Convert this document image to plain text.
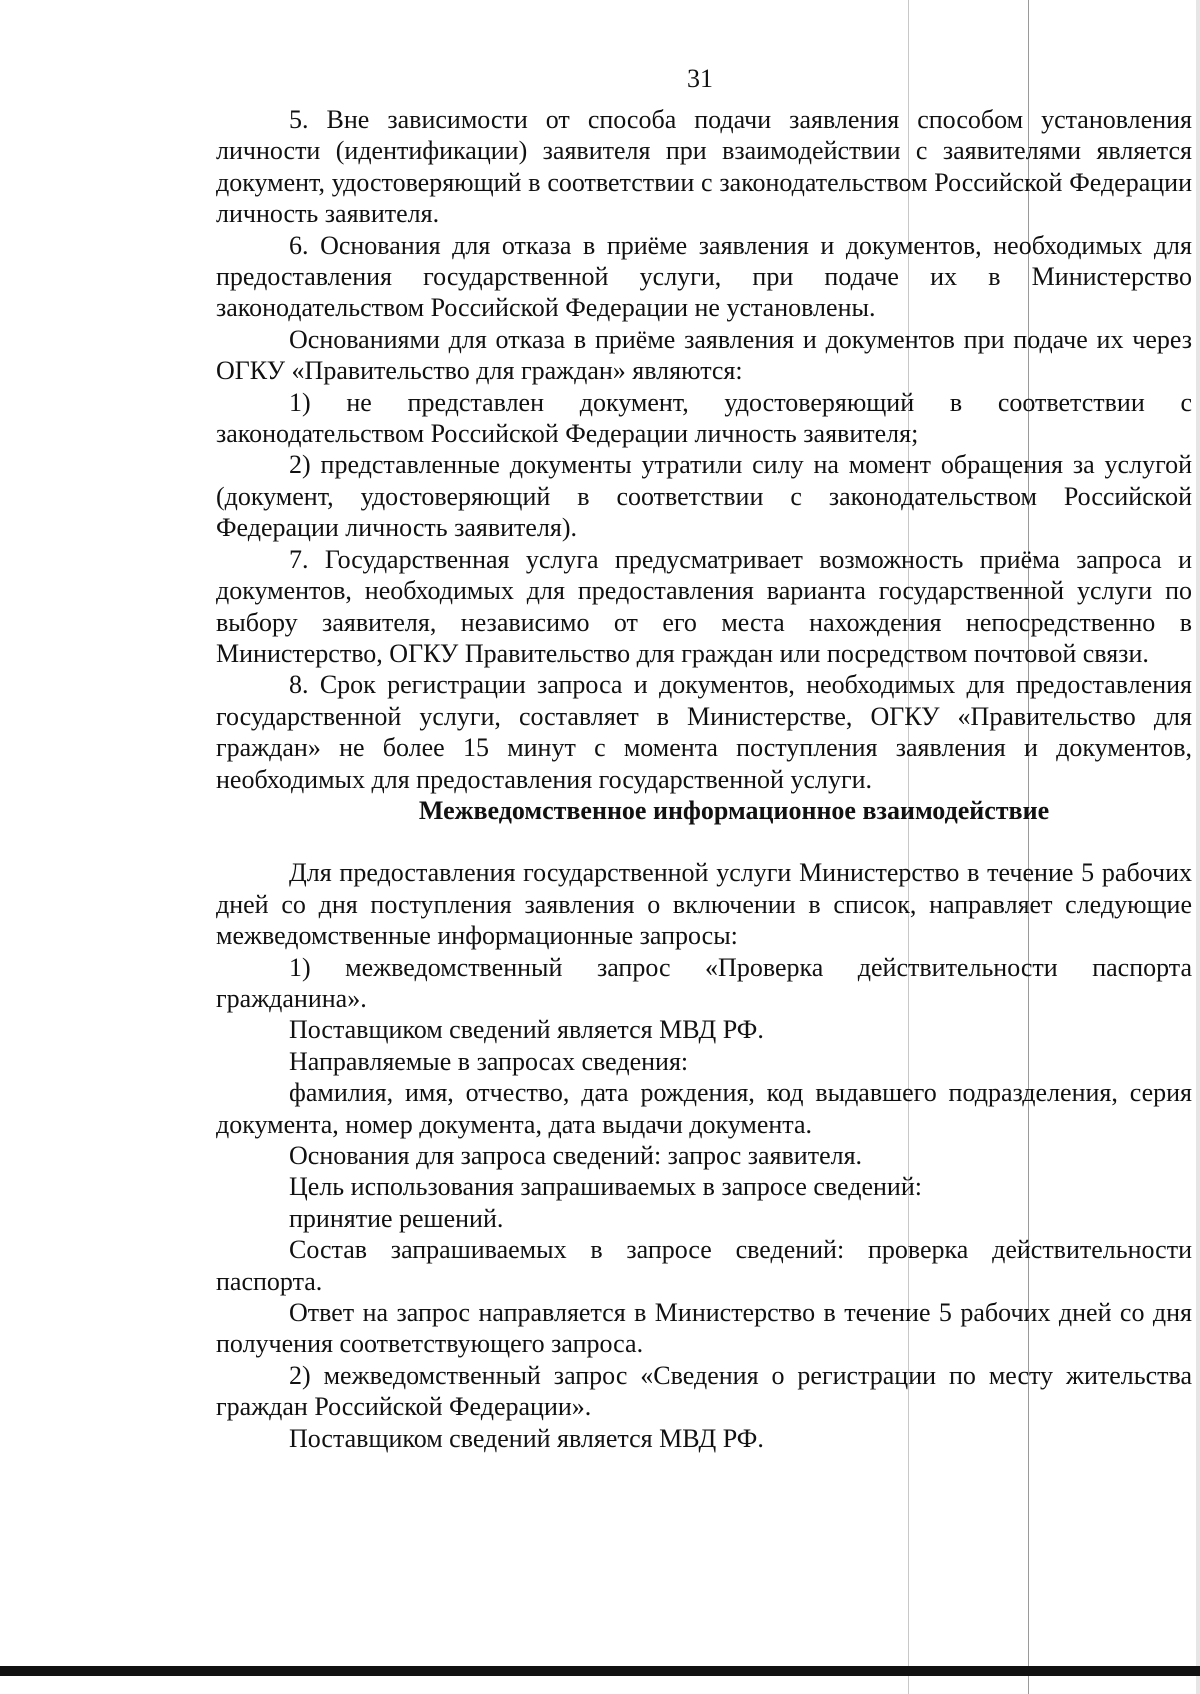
31

5. Вне зависимости от способа подачи заявления способом установления личности (идентификации) заявителя при взаимодействии с заявителями является документ, удостоверяющий в соответствии с законодательством Российской Федерации личность заявителя.

6. Основания для отказа в приёме заявления и документов, необходимых для предоставления государственной услуги, при подаче их в Министерство законодательством Российской Федерации не установлены.

Основаниями для отказа в приёме заявления и документов при подаче их через ОГКУ «Правительство для граждан» являются:

1) не представлен документ, удостоверяющий в соответствии с законодательством Российской Федерации личность заявителя;

2) представленные документы утратили силу на момент обращения за услугой (документ, удостоверяющий в соответствии с законодательством Российской Федерации личность заявителя).

7. Государственная услуга предусматривает возможность приёма запроса и документов, необходимых для предоставления варианта государственной услуги по выбору заявителя, независимо от его места нахождения непосредственно в Министерство, ОГКУ Правительство для граждан или посредством почтовой связи.

8. Срок регистрации запроса и документов, необходимых для предоставления государственной услуги, составляет в Министерстве, ОГКУ «Правительство для граждан» не более 15 минут с момента поступления заявления и документов, необходимых для предоставления государственной услуги.

Межведомственное информационное взаимодействие

Для предоставления государственной услуги Министерство в течение 5 рабочих дней со дня поступления заявления о включении в список, направляет следующие межведомственные информационные запросы:

1) межведомственный запрос «Проверка действительности паспорта гражданина».

Поставщиком сведений является МВД РФ.

Направляемые в запросах сведения:

фамилия, имя, отчество, дата рождения, код выдавшего подразделения, серия документа, номер документа, дата выдачи документа.

Основания для запроса сведений: запрос заявителя.

Цель использования запрашиваемых в запросе сведений:

принятие решений.

Состав запрашиваемых в запросе сведений: проверка действительности паспорта.

Ответ на запрос направляется в Министерство в течение 5 рабочих дней со дня получения соответствующего запроса.

2) межведомственный запрос «Сведения о регистрации по месту жительства граждан Российской Федерации».

Поставщиком сведений является МВД РФ.
